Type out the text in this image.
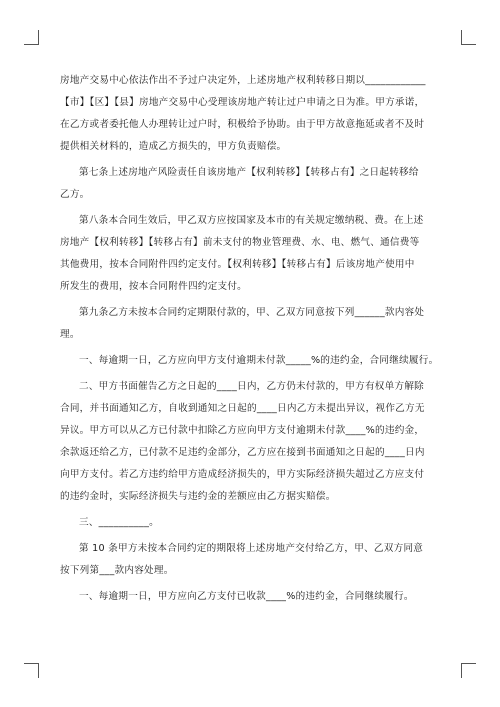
房地产交易中心依法作出不予过户决定外，上述房地产权利转移日期以____________
【市】【区】【县】房地产交易中心受理该房地产转让过户申请之日为准。甲方承诺，
在乙方或者委托他人办理转让过户时，积极给予协助。由于甲方故意拖延或者不及时
提供相关材料的，造成乙方损失的，甲方负责赔偿。

第七条上述房地产风险责任自该房地产【权利转移】【转移占有】之日起转移给
乙方。

第八条本合同生效后，甲乙双方应按国家及本市的有关规定缴纳税、费。在上述
房地产【权利转移】【转移占有】前未支付的物业管理费、水、电、燃气、通信费等
其他费用，按本合同附件四约定支付。【权利转移】【转移占有】后该房地产使用中
所发生的费用，按本合同附件四约定支付。

第九条乙方未按本合同约定期限付款的，甲、乙双方同意按下列______款内容处
理。

一、每逾期一日，乙方应向甲方支付逾期未付款_____%的违约金，合同继续履行。

二、甲方书面催告乙方之日起的____日内，乙方仍未付款的，甲方有权单方解除
合同，并书面通知乙方，自收到通知之日起的____日内乙方未提出异议，视作乙方无
异议。甲方可以从乙方已付款中扣除乙方应向甲方支付逾期未付款____%的违约金，
余款返还给乙方，已付款不足违约金部分，乙方应在接到书面通知之日起的____日内
向甲方支付。若乙方违约给甲方造成经济损失的，甲方实际经济损失超过乙方应支付
的违约金时，实际经济损失与违约金的差额应由乙方据实赔偿。

三、__________。

第 10 条甲方未按本合同约定的期限将上述房地产交付给乙方，甲、乙双方同意
按下列第___款内容处理。

一、每逾期一日，甲方应向乙方支付已收款____%的违约金，合同继续履行。
